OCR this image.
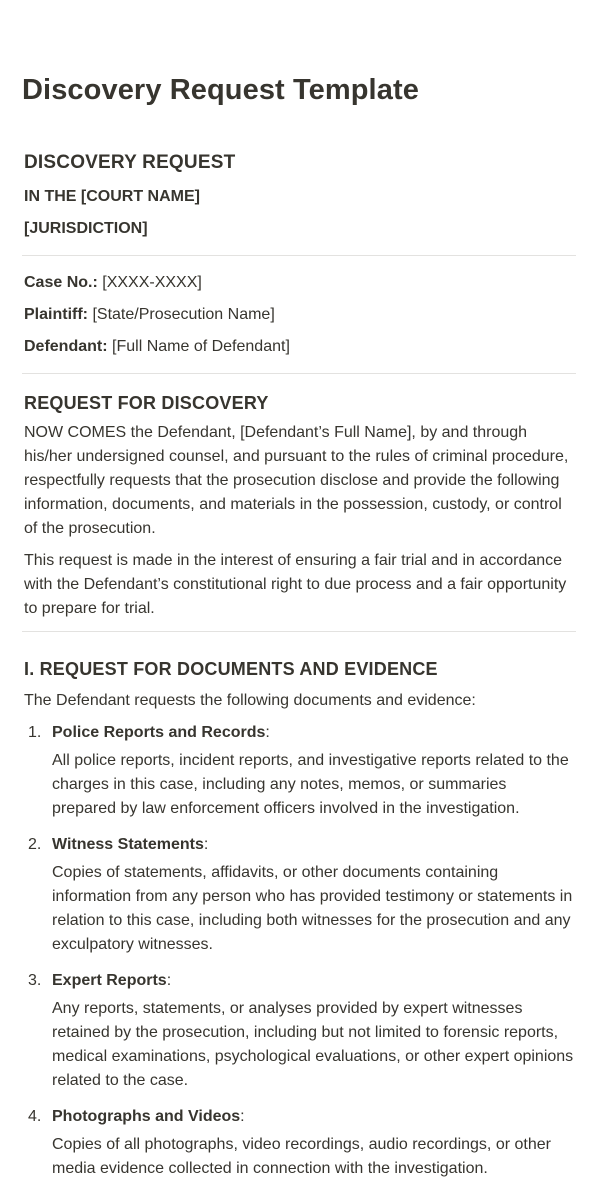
Discovery Request Template
DISCOVERY REQUEST

IN THE [COURT NAME]

[JURISDICTION]

Case No.: [XXXX-XXXX]

Plaintiff: [State/Prosecution Name]

Defendant: [Full Name of Defendant]

REQUEST FOR DISCOVERY

NOW COMES the Defendant, [Defendant’s Full Name], by and through his/her undersigned counsel, and pursuant to the rules of criminal procedure, respectfully requests that the prosecution disclose and provide the following information, documents, and materials in the possession, custody, or control of the prosecution.

This request is made in the interest of ensuring a fair trial and in accordance with the Defendant’s constitutional right to due process and a fair opportunity to prepare for trial.

I. REQUEST FOR DOCUMENTS AND EVIDENCE

The Defendant requests the following documents and evidence:

1. Police Reports and Records:

All police reports, incident reports, and investigative reports related to the charges in this case, including any notes, memos, or summaries prepared by law enforcement officers involved in the investigation.

2. Witness Statements:

Copies of statements, affidavits, or other documents containing information from any person who has provided testimony or statements in relation to this case, including both witnesses for the prosecution and any exculpatory witnesses.

3. Expert Reports:

Any reports, statements, or analyses provided by expert witnesses retained by the prosecution, including but not limited to forensic reports, medical examinations, psychological evaluations, or other expert opinions related to the case.

4. Photographs and Videos:

Copies of all photographs, video recordings, audio recordings, or other media evidence collected in connection with the investigation.
